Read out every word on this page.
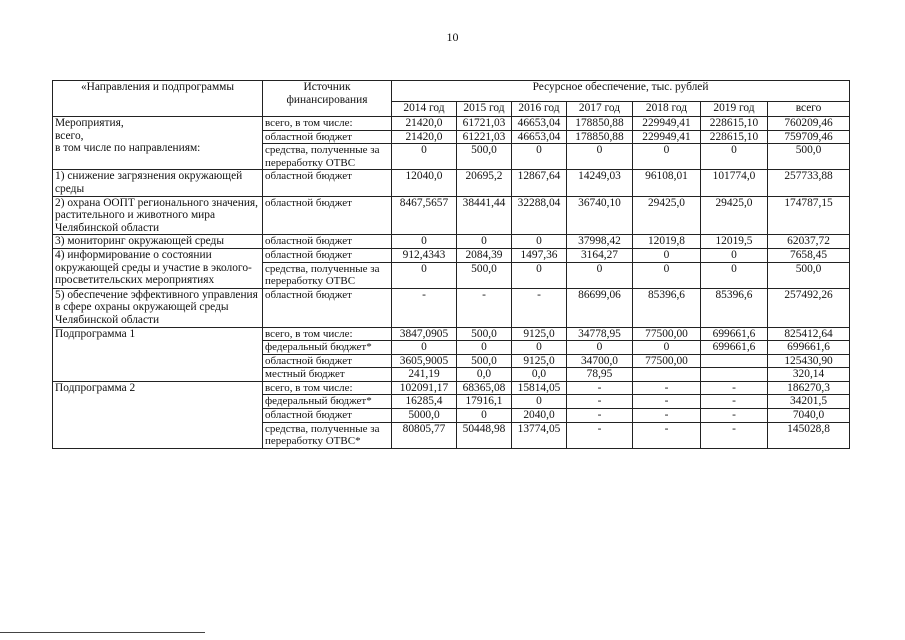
10
«Направления и подпрограммы	Источник финансирования	Ресурсное обеспечение, тыс. рублей						
		2014 год	2015 год	2016 год	2017 год	2018 год	2019 год	всего
Мероприятия,
всего,
в том числе по направлениям:	всего, в том числе:	21420,0	61721,03	46653,04	178850,88	229949,41	228615,10	760209,46
	областной бюджет	21420,0	61221,03	46653,04	178850,88	229949,41	228615,10	759709,46
	средства, полученные за переработку ОТВС	0	500,0	0	0	0	0	500,0
1) снижение загрязнения окружающей среды	областной бюджет	12040,0	20695,2	12867,64	14249,03	96108,01	101774,0	257733,88
2) охрана ООПТ регионального значения, растительного и животного мира Челябинской области	областной бюджет	8467,5657	38441,44	32288,04	36740,10	29425,0	29425,0	174787,15
3) мониторинг окружающей среды	областной бюджет	0	0	0	37998,42	12019,8	12019,5	62037,72
4) информирование о состоянии окружающей среды и участие в эколого-просветительских мероприятиях	областной бюджет	912,4343	2084,39	1497,36	3164,27	0	0	7658,45
	средства, полученные за переработку ОТВС	0	500,0	0	0	0	0	500,0
5) обеспечение эффективного управления в сфере охраны окружающей среды Челябинской области	областной бюджет	-	-	-	86699,06	85396,6	85396,6	257492,26
Подпрограмма 1	всего, в том числе:	3847,0905	500,0	9125,0	34778,95	77500,00	699661,6	825412,64
	федеральный бюджет*	0	0	0	0	0	699661,6	699661,6
	областной бюджет	3605,9005	500,0	9125,0	34700,0	77500,00		125430,90
	местный бюджет	241,19	0,0	0,0	78,95			320,14
Подпрограмма 2	всего, в том числе:	102091,17	68365,08	15814,05	-	-	-	186270,3
	федеральный бюджет*	16285,4	17916,1	0	-	-	-	34201,5
	областной бюджет	5000,0	0	2040,0	-	-	-	7040,0
	средства, полученные за переработку ОТВС*	80805,77	50448,98	13774,05	-	-	-	145028,8
